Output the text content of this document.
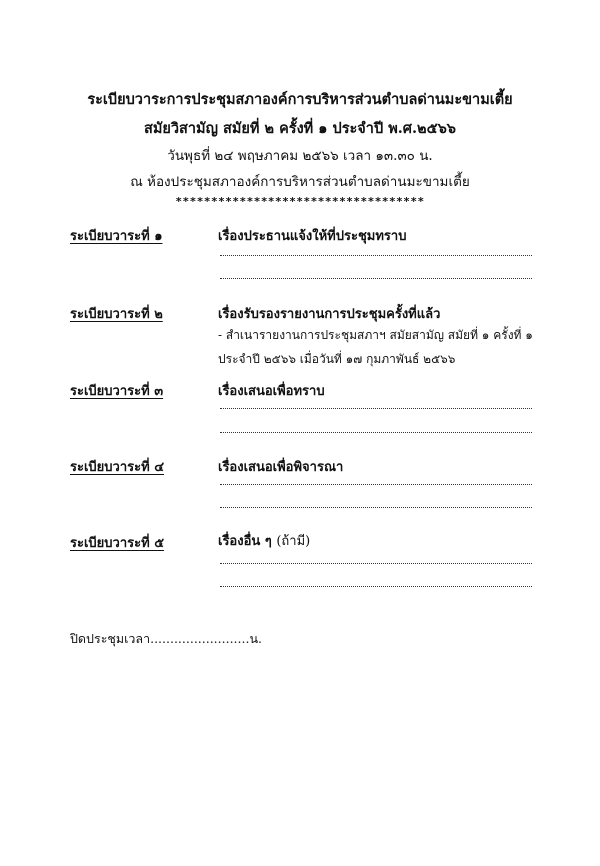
ระเบียบวาระการประชุมสภาองค์การบริหารส่วนตำบลด่านมะขามเตี้ย
สมัยวิสามัญ สมัยที่ ๒ ครั้งที่ ๑ ประจำปี พ.ศ.๒๕๖๖
วันพุธที่ ๒๔ พฤษภาคม ๒๕๖๖ เวลา ๑๓.๓๐ น.
ณ ห้องประชุมสภาองค์การบริหารส่วนตำบลด่านมะขามเตี้ย
***********************************
ระเบียบวาระที่ ๑	เรื่องประธานแจ้งให้ที่ประชุมทราบ
ระเบียบวาระที่ ๒	เรื่องรับรองรายงานการประชุมครั้งที่แล้ว
- สำเนารายงานการประชุมสภาฯ สมัยสามัญ สมัยที่ ๑ ครั้งที่ ๑
ประจำปี ๒๕๖๖ เมื่อวันที่ ๑๗ กุมภาพันธ์ ๒๕๖๖
ระเบียบวาระที่ ๓	เรื่องเสนอเพื่อทราบ
ระเบียบวาระที่ ๔	เรื่องเสนอเพื่อพิจารณา
ระเบียบวาระที่ ๕	เรื่องอื่น ๆ (ถ้ามี)
ปิดประชุมเวลา.........................น.
